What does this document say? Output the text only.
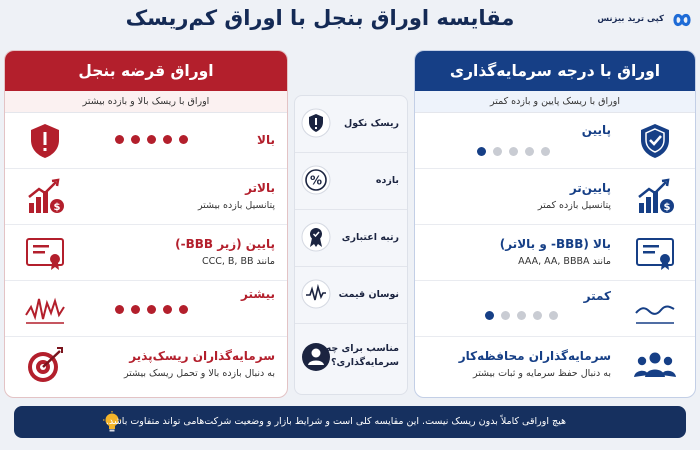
مقایسه اوراق بنجل با اوراق کم‌ریسک	کپی ترید بیزنس
اوراق قرضه بنجل
اوراق با ریسک بالا و بازده بیشتر
بالا
$
بالاتر
پتانسیل بازده بیشتر
پایین (زیر BBB-)
مانند CCC, B, BB
بیشتر
سرمایه‌گذاران ریسک‌پذیر
به دنبال بازده بالا و تحمل ریسک بیشتر
ریسک نکول
%	بازده
رتبه اعتباری
نوسان قیمت
مناسب برای چه
سرمایه‌گذاری؟
اوراق با درجه سرمایه‌گذاری
اوراق با ریسک پایین و بازده کمتر
پایین
$
پایین‌تر
پتانسیل بازده کمتر
بالا (BBB- و بالاتر)
مانند AAA, AA, BBBA
کمتر
سرمایه‌گذاران محافظه‌کار
به دنبال حفظ سرمایه و ثبات بیشتر
هیچ اوراقی کاملاً بدون ریسک نیست. این مقایسه کلی است و شرایط بازار و وضعیت شرکت‌هامی تواند متفاوت باشد.
